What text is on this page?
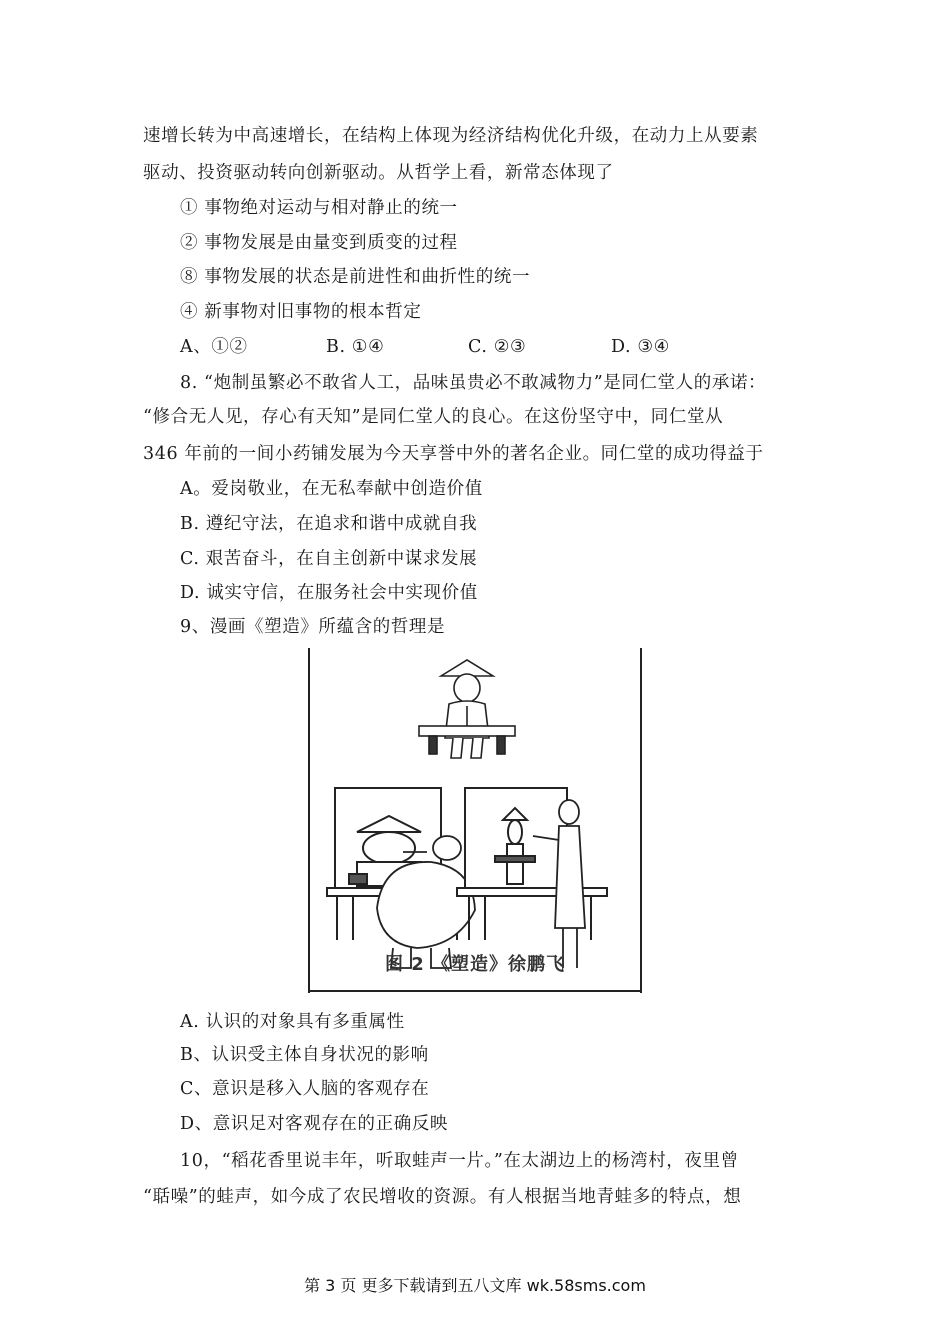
速增长转为中高速增长，在结构上体现为经济结构优化升级，在动力上从要素
驱动、投资驱动转向创新驱动。从哲学上看，新常态体现了
① 事物绝对运动与相对静止的统一
② 事物发展是由量变到质变的过程
⑧ 事物发展的状态是前进性和曲折性的统一
④ 新事物对旧事物的根本哲定
A、①②	B. ①④	C. ②③	D. ③④
8. “炮制虽繁必不敢省人工，品味虽贵必不敢减物力”是同仁堂人的承诺：
“修合无人见，存心有天知”是同仁堂人的良心。在这份坚守中，同仁堂从
346 年前的一间小药铺发展为今天享誉中外的著名企业。同仁堂的成功得益于
A。爱岗敬业，在无私奉献中创造价值
B. 遵纪守法，在追求和谐中成就自我
C. 艰苦奋斗，在自主创新中谋求发展
D. 诚实守信，在服务社会中实现价值
9、漫画《塑造》所蕴含的哲理是
图 2 《塑造》徐鹏飞
A. 认识的对象具有多重属性
B、认识受主体自身状况的影响
C、意识是移入人脑的客观存在
D、意识足对客观存在的正确反映
10，“稻花香里说丰年，听取蛙声一片。”在太湖边上的杨湾村，夜里曾
“聒噪”的蛙声，如今成了农民增收的资源。有人根据当地青蛙多的特点，想
第 3 页 更多下载请到五八文库 wk.58sms.com
